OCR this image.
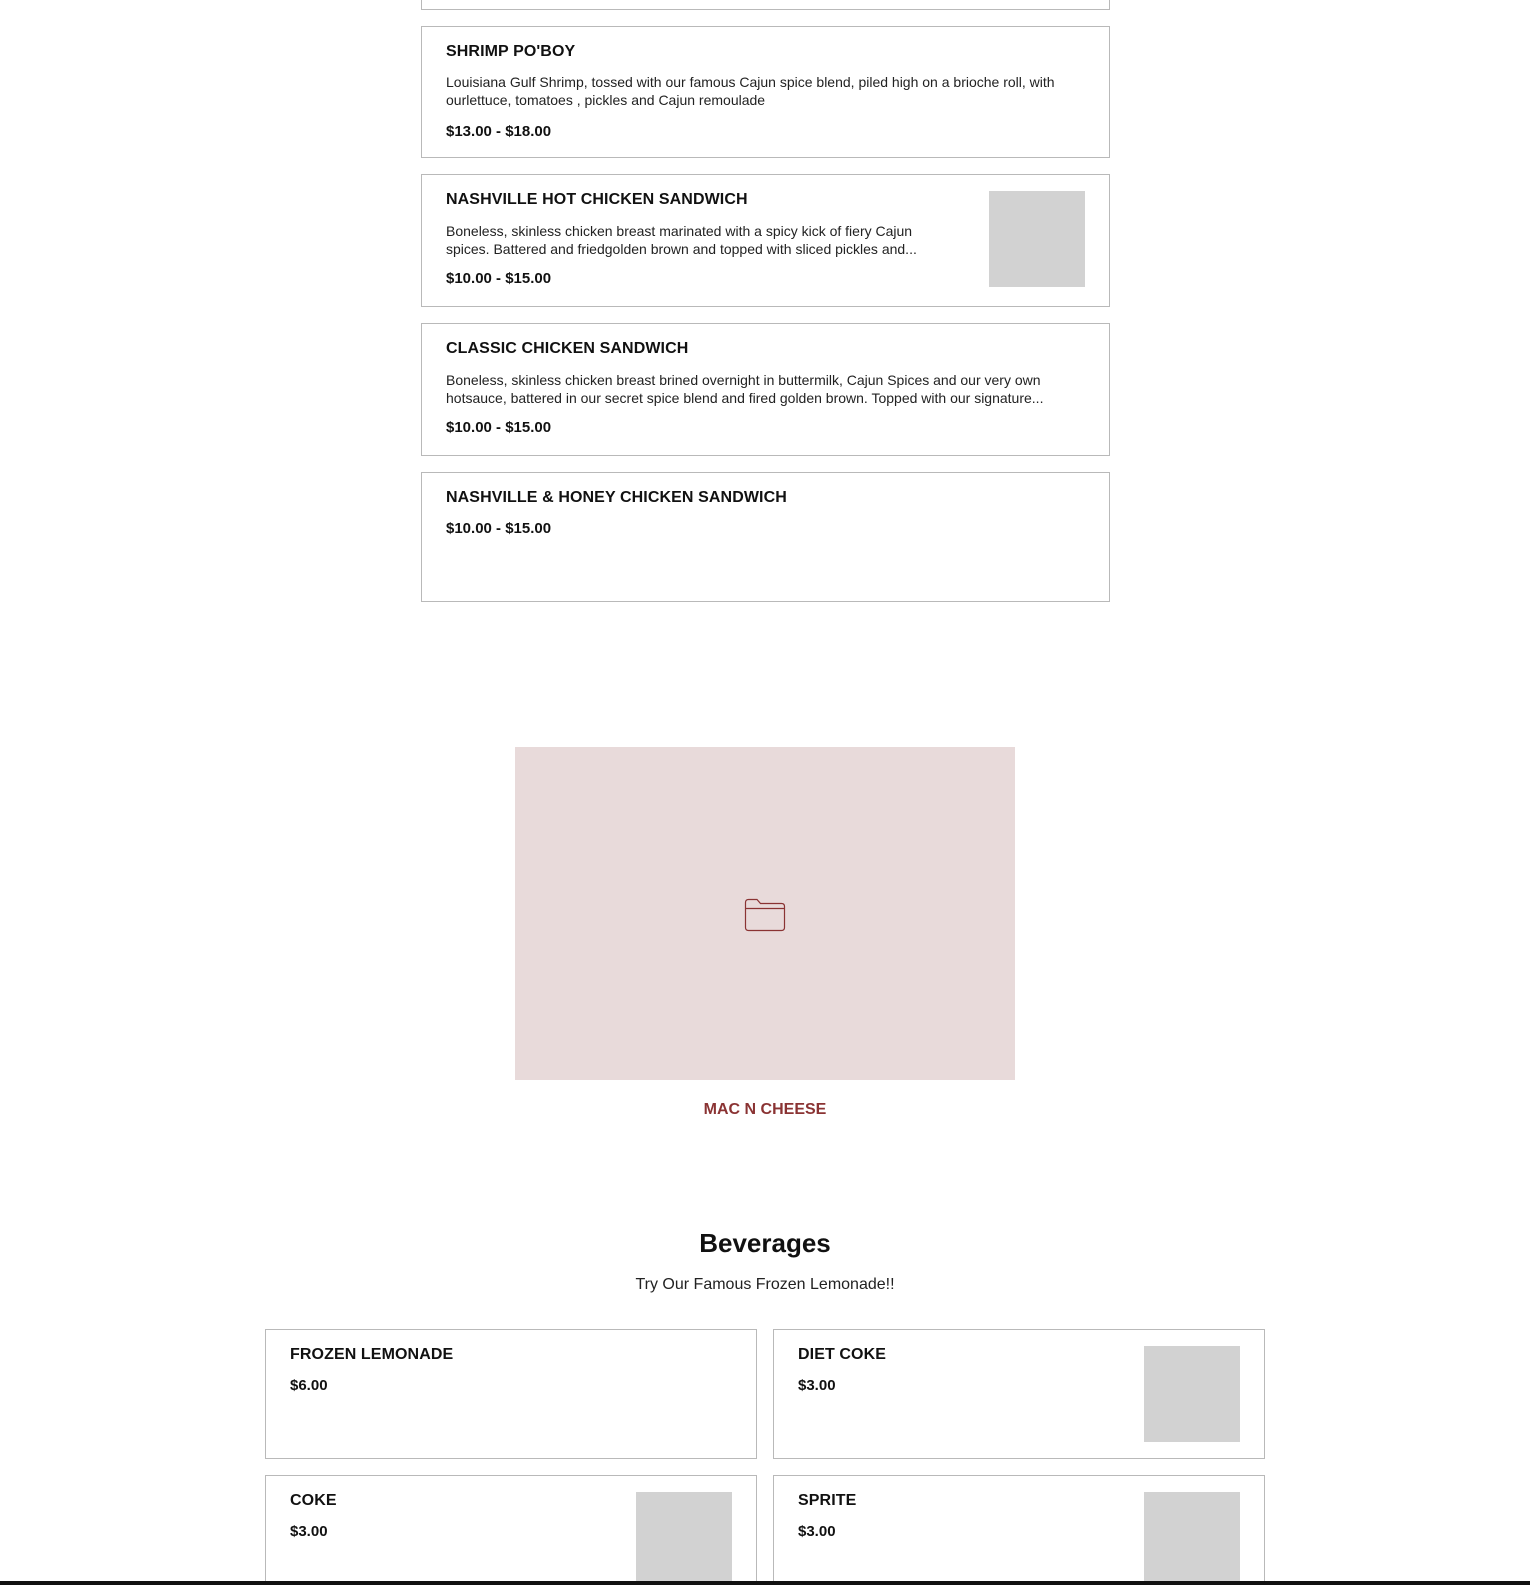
SHRIMP PO'BOY
Louisiana Gulf Shrimp, tossed with our famous Cajun spice blend, piled high on a brioche roll, with ourlettuce, tomatoes , pickles and Cajun remoulade
$13.00 - $18.00
NASHVILLE HOT CHICKEN SANDWICH
Boneless, skinless chicken breast marinated with a spicy kick of fiery Cajun spices. Battered and friedgolden brown and topped with sliced pickles and...
$10.00 - $15.00
CLASSIC CHICKEN SANDWICH
Boneless, skinless chicken breast brined overnight in buttermilk, Cajun Spices and our very own hotsauce, battered in our secret spice blend and fired golden brown. Topped with our signature...
$10.00 - $15.00
NASHVILLE & HONEY CHICKEN SANDWICH
$10.00 - $15.00
MAC N CHEESE
Beverages
Try Our Famous Frozen Lemonade!!
FROZEN LEMONADE
$6.00
DIET COKE
$3.00
COKE
$3.00
SPRITE
$3.00
